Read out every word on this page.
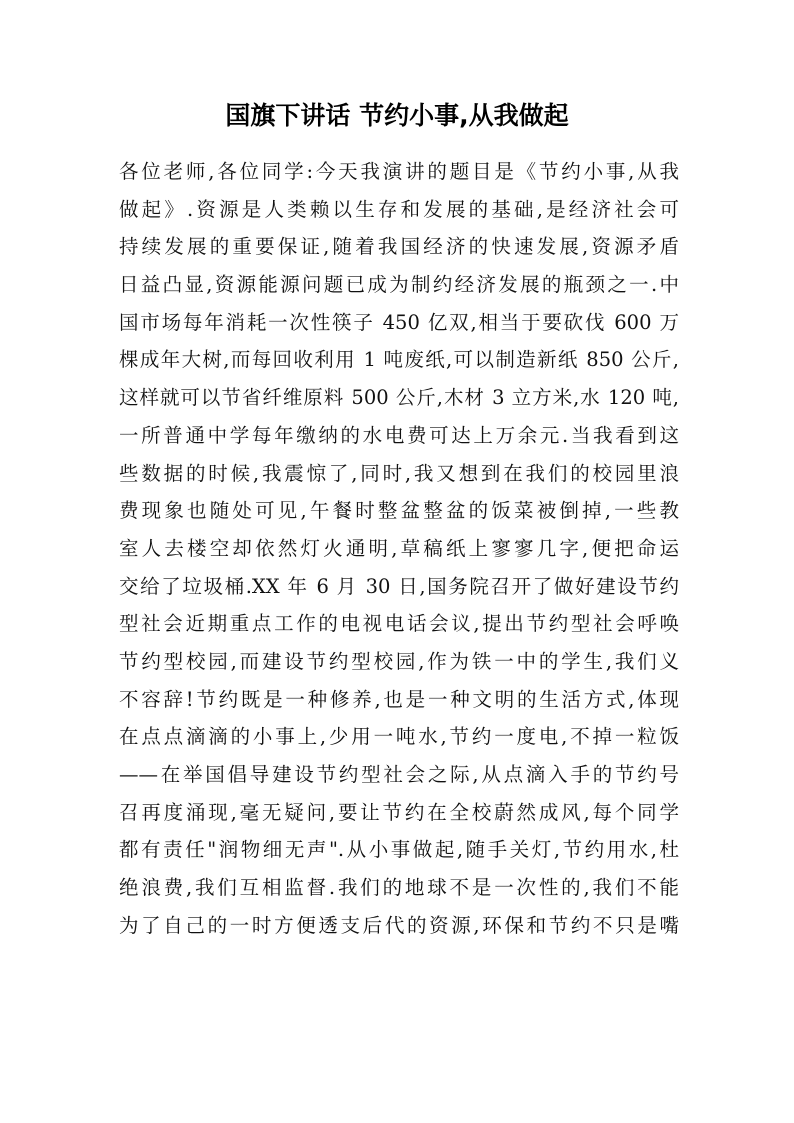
国旗下讲话 节约小事,从我做起
各位老师,各位同学:今天我演讲的题目是《节约小事,从我
做起》.资源是人类赖以生存和发展的基础,是经济社会可
持续发展的重要保证,随着我国经济的快速发展,资源矛盾
日益凸显,资源能源问题已成为制约经济发展的瓶颈之一.中
国市场每年消耗一次性筷子 450 亿双,相当于要砍伐 600 万
棵成年大树,而每回收利用 1 吨废纸,可以制造新纸 850 公斤,
这样就可以节省纤维原料 500 公斤,木材 3 立方米,水 120 吨,
一所普通中学每年缴纳的水电费可达上万余元.当我看到这
些数据的时候,我震惊了,同时,我又想到在我们的校园里浪
费现象也随处可见,午餐时整盆整盆的饭菜被倒掉,一些教
室人去楼空却依然灯火通明,草稿纸上寥寥几字,便把命运
交给了垃圾桶.XX 年 6 月 30 日,国务院召开了做好建设节约
型社会近期重点工作的电视电话会议,提出节约型社会呼唤
节约型校园,而建设节约型校园,作为铁一中的学生,我们义
不容辞!节约既是一种修养,也是一种文明的生活方式,体现
在点点滴滴的小事上,少用一吨水,节约一度电,不掉一粒饭
——在举国倡导建设节约型社会之际,从点滴入手的节约号
召再度涌现,毫无疑问,要让节约在全校蔚然成风,每个同学
都有责任"润物细无声".从小事做起,随手关灯,节约用水,杜
绝浪费,我们互相监督.我们的地球不是一次性的,我们不能
为了自己的一时方便透支后代的资源,环保和节约不只是嘴
